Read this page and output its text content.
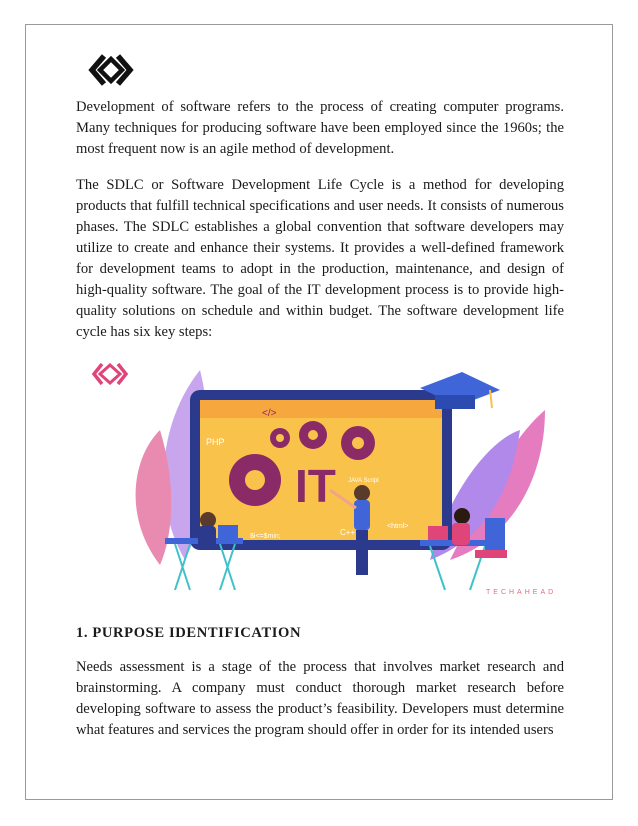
Development of software refers to the process of creating computer programs. Many techniques for producing software have been employed since the 1960s; the most frequent now is an agile method of development.

The SDLC or Software Development Life Cycle is a method for developing products that fulfill technical specifications and user needs. It consists of numerous phases. The SDLC establishes a global convention that software developers may utilize to create and enhance their systems. It provides a well-defined framework for development teams to adopt in the production, maintenance, and design of high-quality software. The goal of the IT development process is to provide high-quality solutions on schedule and within budget. The software development life cycle has six key steps:

IT
</>
PHP
JAVA Script
C++
<html>
$i<=$min;
TECHAHEAD
1. PURPOSE IDENTIFICATION

Needs assessment is a stage of the process that involves market research and brainstorming. A company must conduct thorough market research before developing software to assess the product’s feasibility. Developers must determine what features and services the program should offer in order for its intended users
